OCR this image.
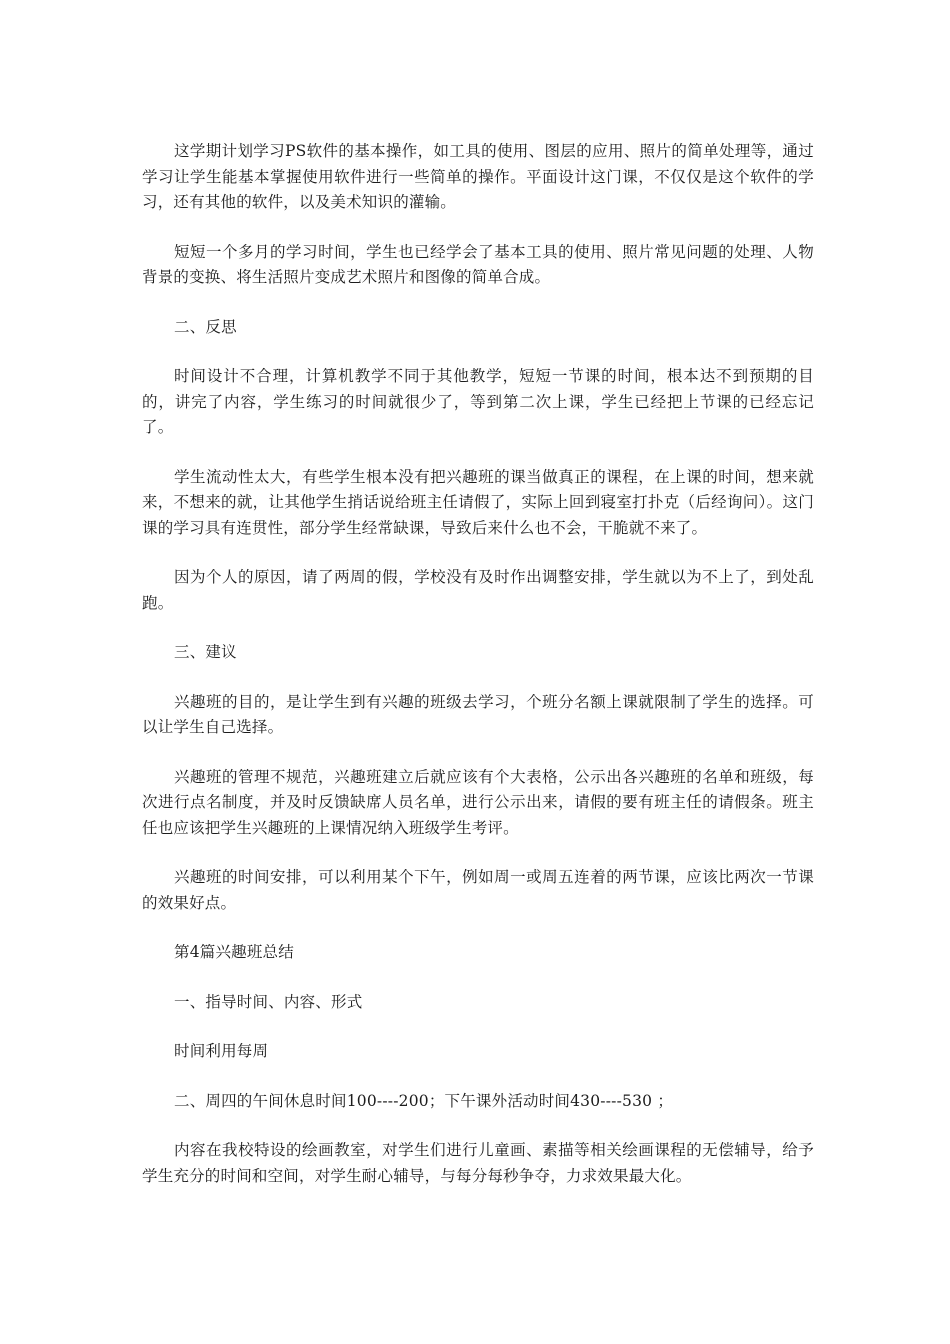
这学期计划学习PS软件的基本操作，如工具的使用、图层的应用、照片的简单处理等，通过学习让学生能基本掌握使用软件进行一些简单的操作。平面设计这门课，不仅仅是这个软件的学习，还有其他的软件，以及美术知识的灌输。

短短一个多月的学习时间，学生也已经学会了基本工具的使用、照片常见问题的处理、人物背景的变换、将生活照片变成艺术照片和图像的简单合成。

二、反思

时间设计不合理，计算机教学不同于其他教学，短短一节课的时间，根本达不到预期的目的，讲完了内容，学生练习的时间就很少了，等到第二次上课，学生已经把上节课的已经忘记了。

学生流动性太大，有些学生根本没有把兴趣班的课当做真正的课程，在上课的时间，想来就来，不想来的就，让其他学生捎话说给班主任请假了，实际上回到寝室打扑克（后经询问）。这门课的学习具有连贯性，部分学生经常缺课，导致后来什么也不会，干脆就不来了。

因为个人的原因，请了两周的假，学校没有及时作出调整安排，学生就以为不上了，到处乱跑。

三、建议

兴趣班的目的，是让学生到有兴趣的班级去学习，个班分名额上课就限制了学生的选择。可以让学生自己选择。

兴趣班的管理不规范，兴趣班建立后就应该有个大表格，公示出各兴趣班的名单和班级，每次进行点名制度，并及时反馈缺席人员名单，进行公示出来，请假的要有班主任的请假条。班主任也应该把学生兴趣班的上课情况纳入班级学生考评。

兴趣班的时间安排，可以利用某个下午，例如周一或周五连着的两节课，应该比两次一节课的效果好点。

第4篇兴趣班总结

一、指导时间、内容、形式

时间利用每周

二、周四的午间休息时间100----200；下午课外活动时间430----530 ；

内容在我校特设的绘画教室，对学生们进行儿童画、素描等相关绘画课程的无偿辅导，给予学生充分的时间和空间，对学生耐心辅导，与每分每秒争夺，力求效果最大化。
